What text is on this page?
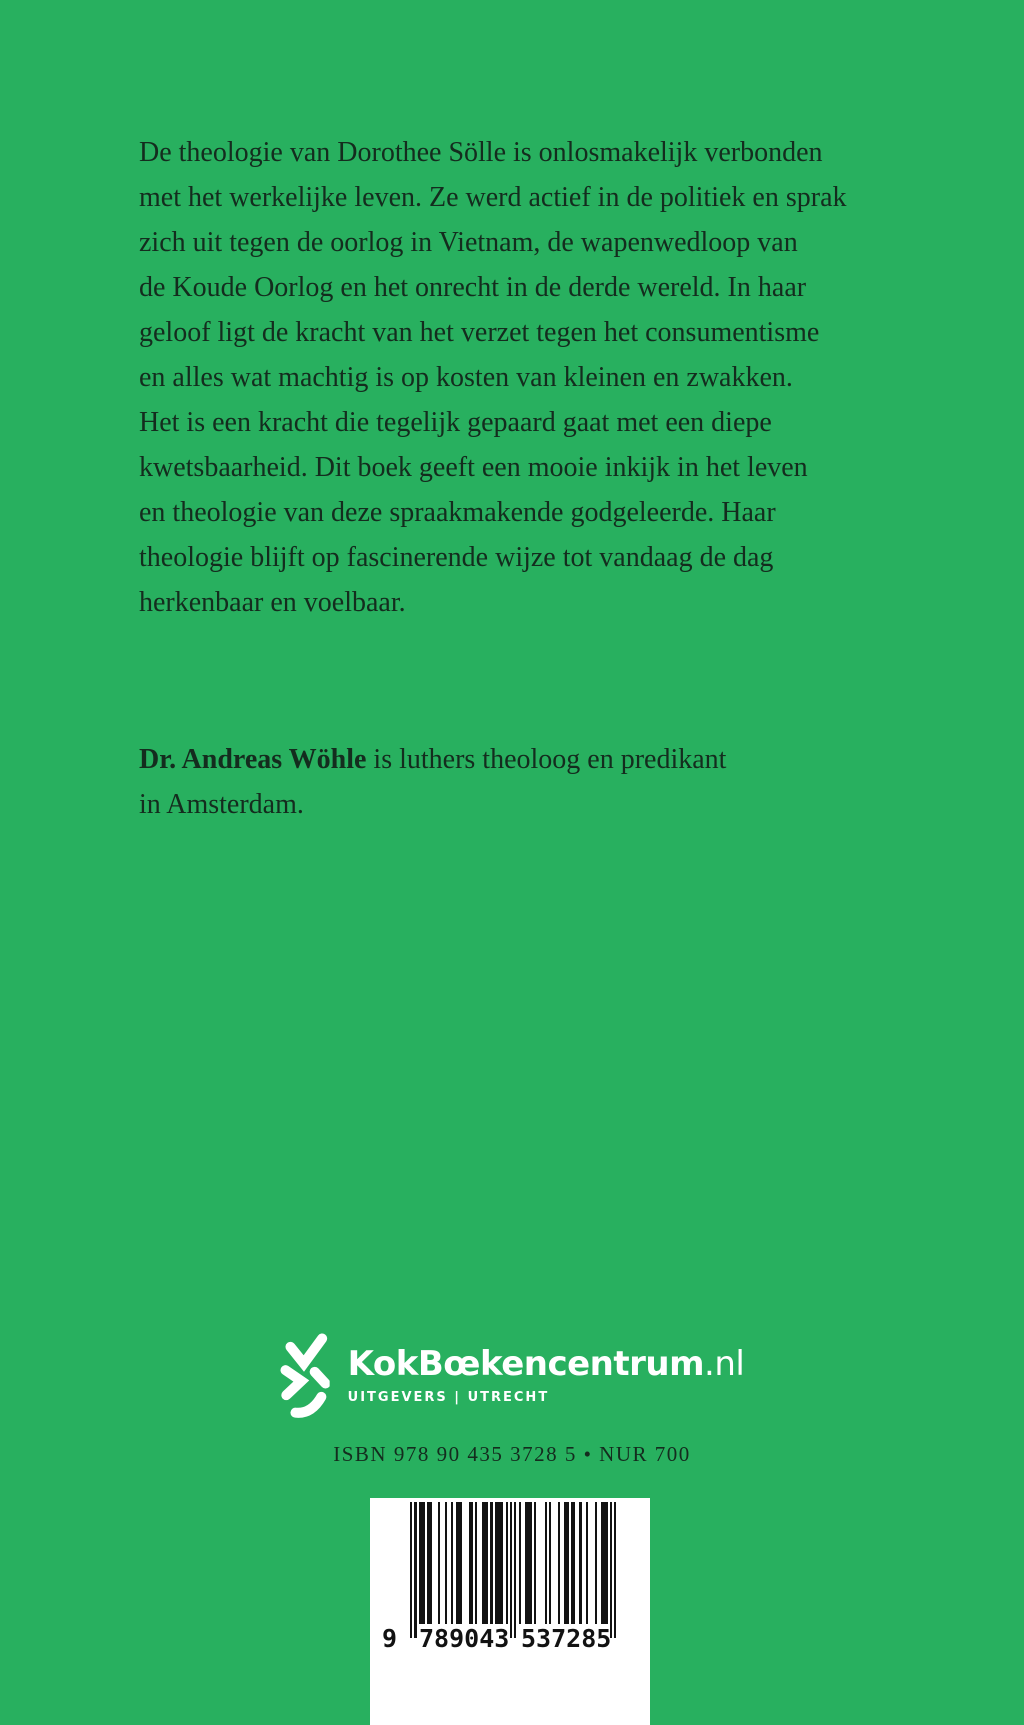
De theologie van Dorothee Sölle is onlosmakelijk verbonden
met het werkelijke leven. Ze werd actief in de politiek en sprak
zich uit tegen de oorlog in Vietnam, de wapenwedloop van
de Koude Oorlog en het onrecht in de derde wereld. In haar
geloof ligt de kracht van het verzet tegen het consumentisme
en alles wat machtig is op kosten van kleinen en zwakken.
Het is een kracht die tegelijk gepaard gaat met een diepe
kwetsbaarheid. Dit boek geeft een mooie inkijk in het leven
en theologie van deze spraakmakende godgeleerde. Haar
theologie blijft op fascinerende wijze tot vandaag de dag
herkenbaar en voelbaar.
Dr. Andreas Wöhle is luthers theoloog en predikant
in Amsterdam.
KokBœkencentrum.nl
UITGEVERS | UTRECHT
ISBN 978 90 435 3728 5 • NUR 700
9 789043 537285
